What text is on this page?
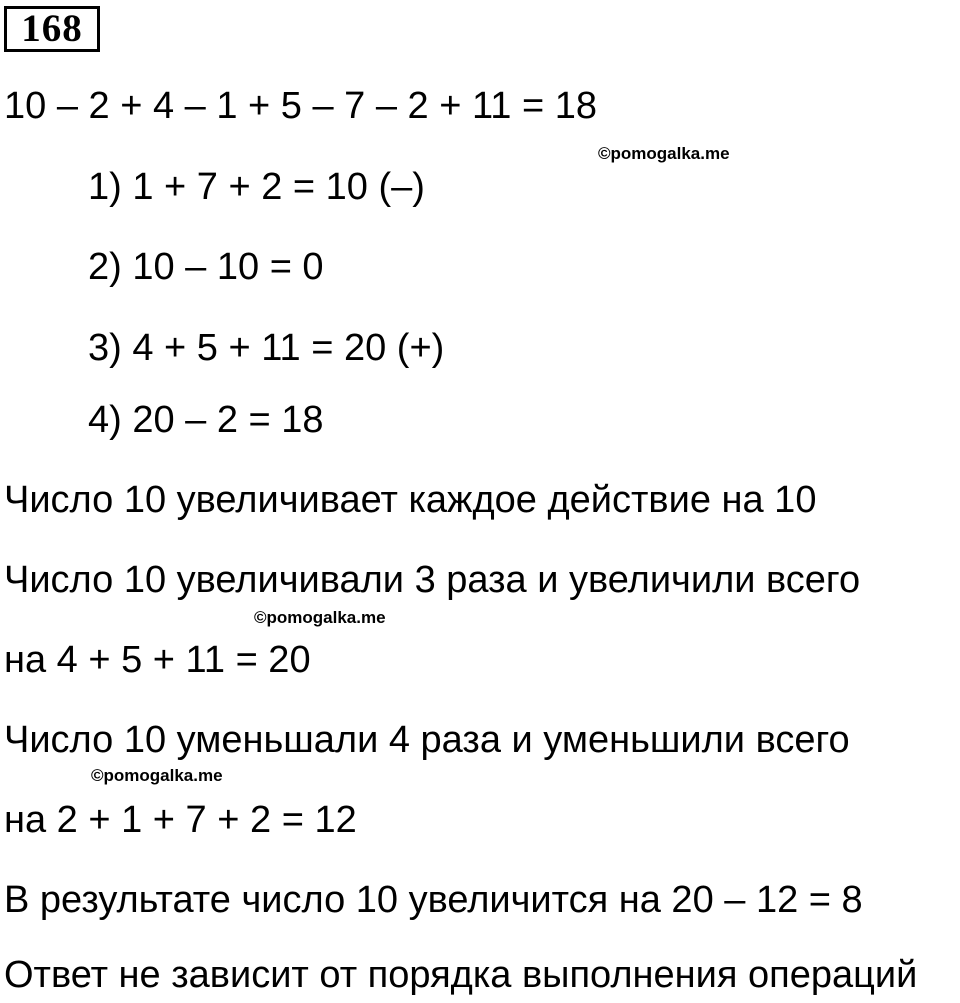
168
10 – 2 + 4 – 1 + 5 – 7 – 2 + 11 = 18
©pomogalka.me
1) 1 + 7 + 2 = 10 (–)
2) 10 – 10 = 0
3) 4 + 5 + 11 = 20 (+)
4) 20 – 2 = 18
Число 10 увеличивает каждое действие на 10
Число 10 увеличивали 3 раза и увеличили всего
©pomogalka.me
на 4 + 5 + 11 = 20
Число 10 уменьшали 4 раза и уменьшили всего
©pomogalka.me
на 2 + 1 + 7 + 2 = 12
В результате число 10 увеличится на 20 – 12 = 8
Ответ не зависит от порядка выполнения операций
